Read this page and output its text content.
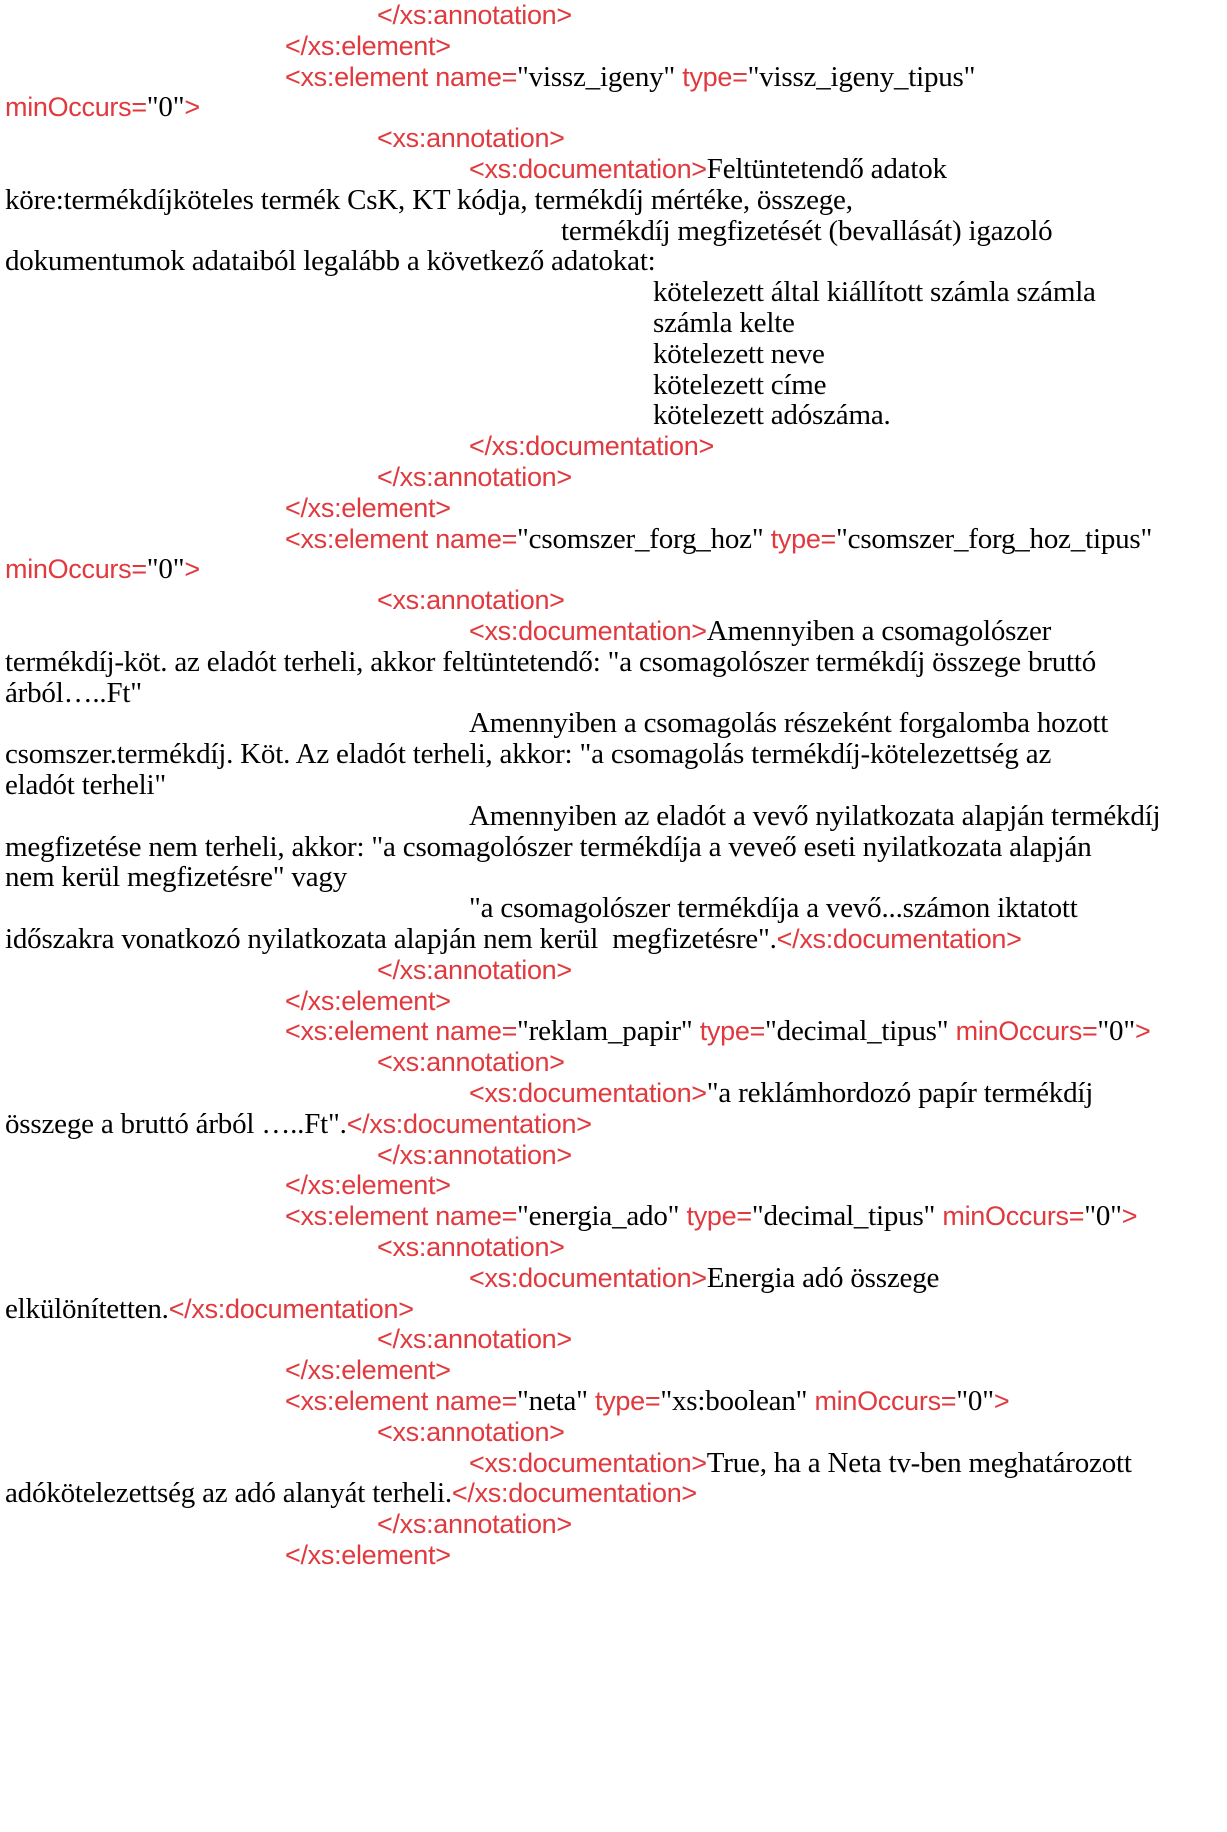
</xs:annotation>
</xs:element>
<xs:element name="vissz_igeny" type="vissz_igeny_tipus"
minOccurs="0">
<xs:annotation>
<xs:documentation>Feltüntetendő adatok
köre:termékdíjköteles termék CsK, KT kódja, termékdíj mértéke, összege,
termékdíj megfizetését (bevallását) igazoló
dokumentumok adataiból legalább a következő adatokat:
kötelezett által kiállított számla számla
számla kelte
kötelezett neve
kötelezett címe
kötelezett adószáma.
</xs:documentation>
</xs:annotation>
</xs:element>
<xs:element name="csomszer_forg_hoz" type="csomszer_forg_hoz_tipus"
minOccurs="0">
<xs:annotation>
<xs:documentation>Amennyiben a csomagolószer
termékdíj-köt. az eladót terheli, akkor feltüntetendő: "a csomagolószer termékdíj összege bruttó
árból…..Ft"
Amennyiben a csomagolás részeként forgalomba hozott
csomszer.termékdíj. Köt. Az eladót terheli, akkor: "a csomagolás termékdíj-kötelezettség az
eladót terheli"
Amennyiben az eladót a vevő nyilatkozata alapján termékdíj
megfizetése nem terheli, akkor: "a csomagolószer termékdíja a veveő eseti nyilatkozata alapján
nem kerül megfizetésre" vagy
"a csomagolószer termékdíja a vevő...számon iktatott
időszakra vonatkozó nyilatkozata alapján nem kerül  megfizetésre".</xs:documentation>
</xs:annotation>
</xs:element>
<xs:element name="reklam_papir" type="decimal_tipus" minOccurs="0">
<xs:annotation>
<xs:documentation>"a reklámhordozó papír termékdíj
összege a bruttó árból …..Ft".</xs:documentation>
</xs:annotation>
</xs:element>
<xs:element name="energia_ado" type="decimal_tipus" minOccurs="0">
<xs:annotation>
<xs:documentation>Energia adó összege
elkülönítetten.</xs:documentation>
</xs:annotation>
</xs:element>
<xs:element name="neta" type="xs:boolean" minOccurs="0">
<xs:annotation>
<xs:documentation>True, ha a Neta tv-ben meghatározott
adókötelezettség az adó alanyát terheli.</xs:documentation>
</xs:annotation>
</xs:element>
